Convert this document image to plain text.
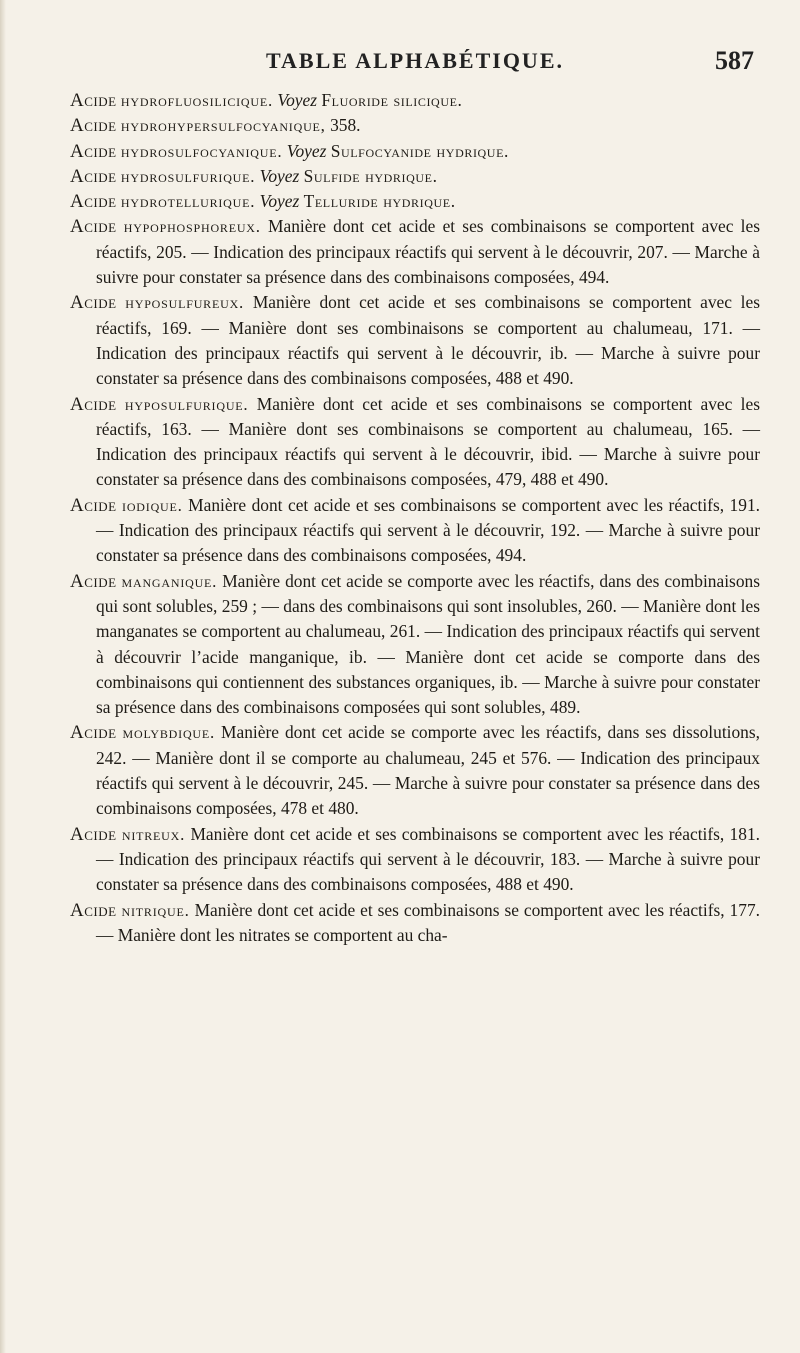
TABLE ALPHABÉTIQUE.	587

Acide hydrofluosilicique. Voyez Fluoride silicique.

Acide hydrohypersulfocyanique, 358.

Acide hydrosulfocyanique. Voyez Sulfocyanide hydrique.

Acide hydrosulfurique. Voyez Sulfide hydrique.

Acide hydrotellurique. Voyez Telluride hydrique.

Acide hypophosphoreux. Manière dont cet acide et ses combinaisons se comportent avec les réactifs, 205. — Indication des principaux réactifs qui servent à le découvrir, 207. — Marche à suivre pour constater sa présence dans des combinaisons composées, 494.

Acide hyposulfureux. Manière dont cet acide et ses combinaisons se comportent avec les réactifs, 169. — Manière dont ses combinaisons se comportent au chalumeau, 171. — Indication des principaux réactifs qui servent à le découvrir, ib. — Marche à suivre pour constater sa présence dans des combinaisons composées, 488 et 490.

Acide hyposulfurique. Manière dont cet acide et ses combinaisons se comportent avec les réactifs, 163. — Manière dont ses combinaisons se comportent au chalumeau, 165. — Indication des principaux réactifs qui servent à le découvrir, ibid. — Marche à suivre pour constater sa présence dans des combinaisons composées, 479, 488 et 490.

Acide iodique. Manière dont cet acide et ses combinaisons se comportent avec les réactifs, 191. — Indication des principaux réactifs qui servent à le découvrir, 192. — Marche à suivre pour constater sa présence dans des combinaisons composées, 494.

Acide manganique. Manière dont cet acide se comporte avec les réactifs, dans des combinaisons qui sont solubles, 259 ; — dans des combinaisons qui sont insolubles, 260. — Manière dont les manganates se comportent au chalumeau, 261. — Indication des principaux réactifs qui servent à découvrir l’acide manganique, ib. — Manière dont cet acide se comporte dans des combinaisons qui contiennent des substances organiques, ib. — Marche à suivre pour constater sa présence dans des combinaisons composées qui sont solubles, 489.

Acide molybdique. Manière dont cet acide se comporte avec les réactifs, dans ses dissolutions, 242. — Manière dont il se comporte au chalumeau, 245 et 576. — Indication des principaux réactifs qui servent à le découvrir, 245. — Marche à suivre pour constater sa présence dans des combinaisons composées, 478 et 480.

Acide nitreux. Manière dont cet acide et ses combinaisons se comportent avec les réactifs, 181. — Indication des principaux réactifs qui servent à le découvrir, 183. — Marche à suivre pour constater sa présence dans des combinaisons composées, 488 et 490.

Acide nitrique. Manière dont cet acide et ses combinaisons se comportent avec les réactifs, 177. — Manière dont les nitrates se comportent au cha-
